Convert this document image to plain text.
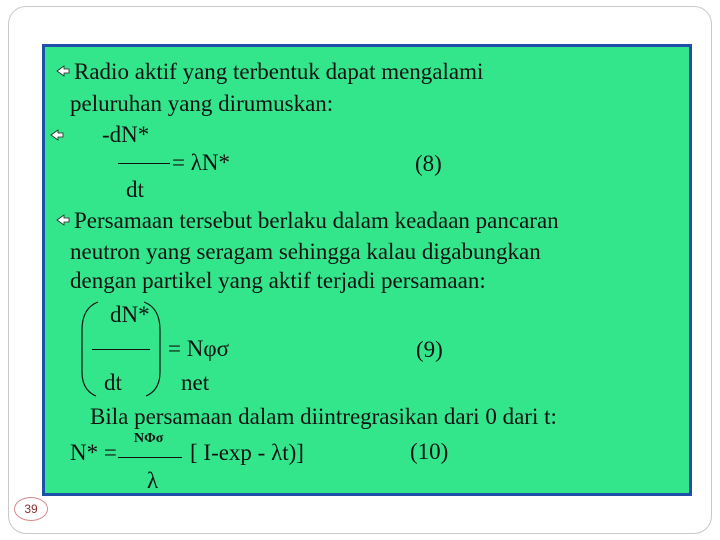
Radio aktif yang terbentuk dapat mengalami
peluruhan yang dirumuskan:
-dN*
= λN*	(8)
dt
Persamaan tersebut berlaku dalam keadaan pancaran
neutron yang seragam sehingga kalau digabungkan
dengan partikel yang aktif terjadi persamaan:
dN*
= Nφσ	(9)
dt	net
Bila persamaan dalam diintregrasikan dari 0 dari t:
N* =
NΦσ
[ I-exp - λt)]	(10)
λ
39
